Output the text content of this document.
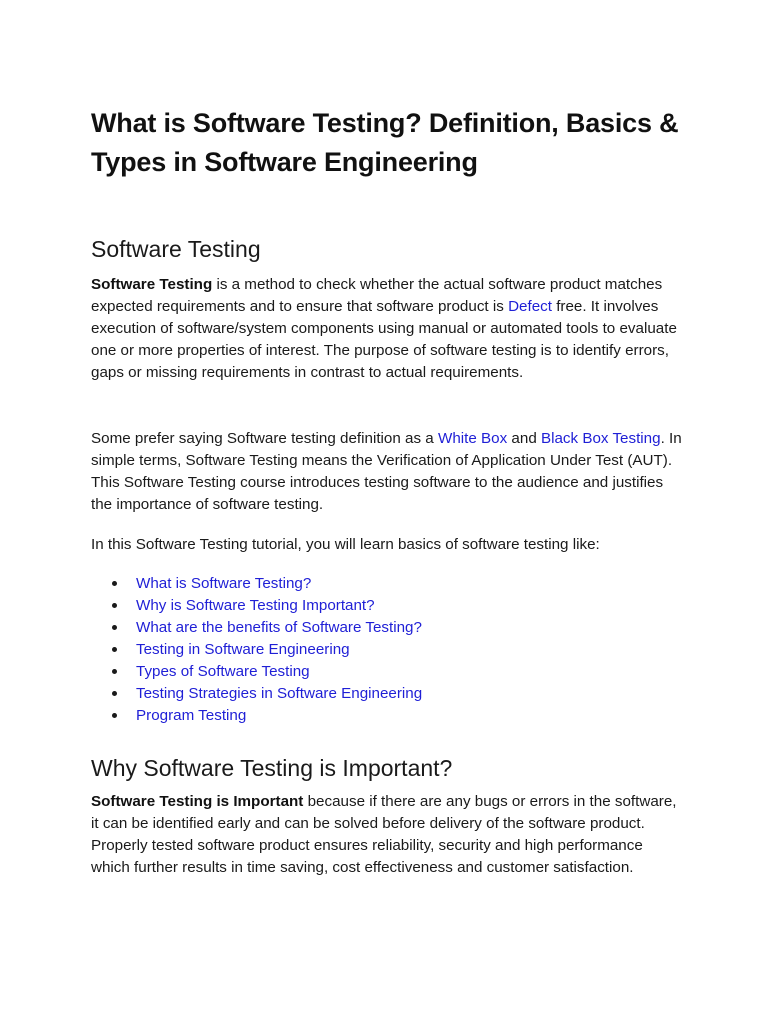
What is Software Testing? Definition, Basics & Types in Software Engineering
Software Testing

Software Testing is a method to check whether the actual software product matches expected requirements and to ensure that software product is Defect free. It involves execution of software/system components using manual or automated tools to evaluate one or more properties of interest. The purpose of software testing is to identify errors, gaps or missing requirements in contrast to actual requirements.

Some prefer saying Software testing definition as a White Box and Black Box Testing. In simple terms, Software Testing means the Verification of Application Under Test (AUT). This Software Testing course introduces testing software to the audience and justifies the importance of software testing.

In this Software Testing tutorial, you will learn basics of software testing like:

What is Software Testing?
Why is Software Testing Important?
What are the benefits of Software Testing?
Testing in Software Engineering
Types of Software Testing
Testing Strategies in Software Engineering
Program Testing
Why Software Testing is Important?

Software Testing is Important because if there are any bugs or errors in the software, it can be identified early and can be solved before delivery of the software product. Properly tested software product ensures reliability, security and high performance which further results in time saving, cost effectiveness and customer satisfaction.
